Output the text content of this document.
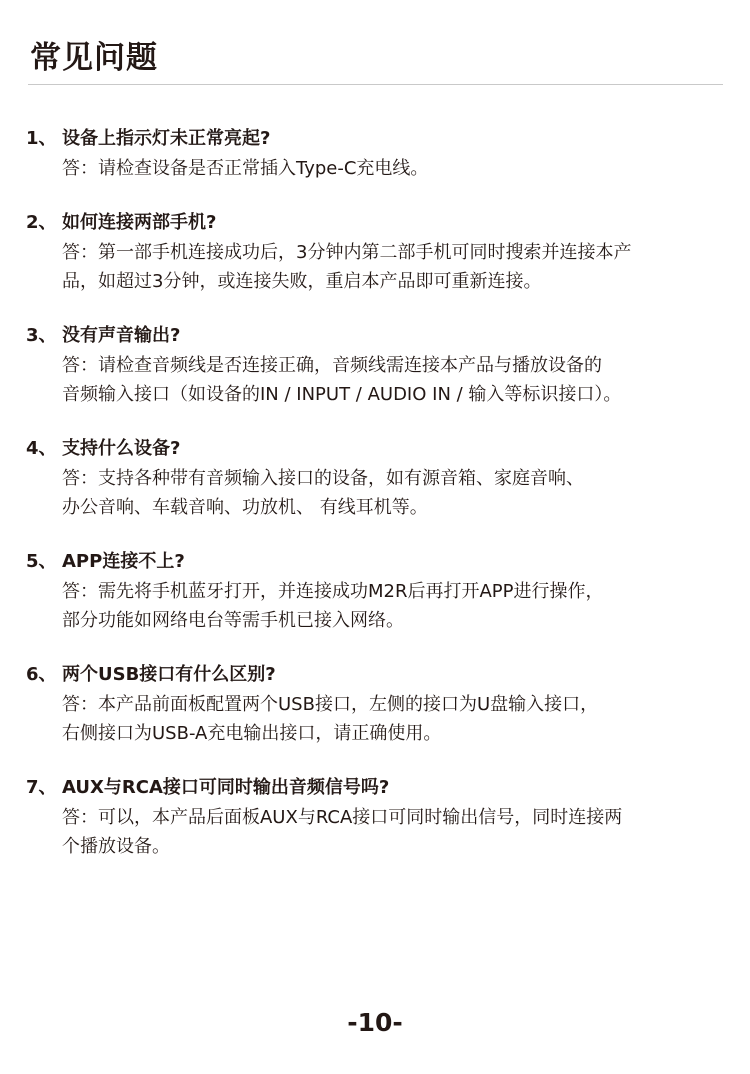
常见问题
1、 设备上指示灯未正常亮起?
答：请检查设备是否正常插入Type-C充电线。
2、 如何连接两部手机?
答：第一部手机连接成功后，3分钟内第二部手机可同时搜索并连接本产
品，如超过3分钟，或连接失败，重启本产品即可重新连接。
3、 没有声音输出?
答：请检查音频线是否连接正确，音频线需连接本产品与播放设备的
音频输入接口（如设备的IN / INPUT / AUDIO IN / 输入等标识接口）。
4、 支持什么设备?
答：支持各种带有音频输入接口的设备，如有源音箱、家庭音响、
办公音响、车载音响、功放机、 有线耳机等。
5、 APP连接不上?
答：需先将手机蓝牙打开，并连接成功M2R后再打开APP进行操作，
部分功能如网络电台等需手机已接入网络。
6、 两个USB接口有什么区别?
答：本产品前面板配置两个USB接口，左侧的接口为U盘输入接口，
右侧接口为USB-A充电输出接口，请正确使用。
7、 AUX与RCA接口可同时输出音频信号吗?
答：可以，本产品后面板AUX与RCA接口可同时输出信号，同时连接两
个播放设备。
-10-
